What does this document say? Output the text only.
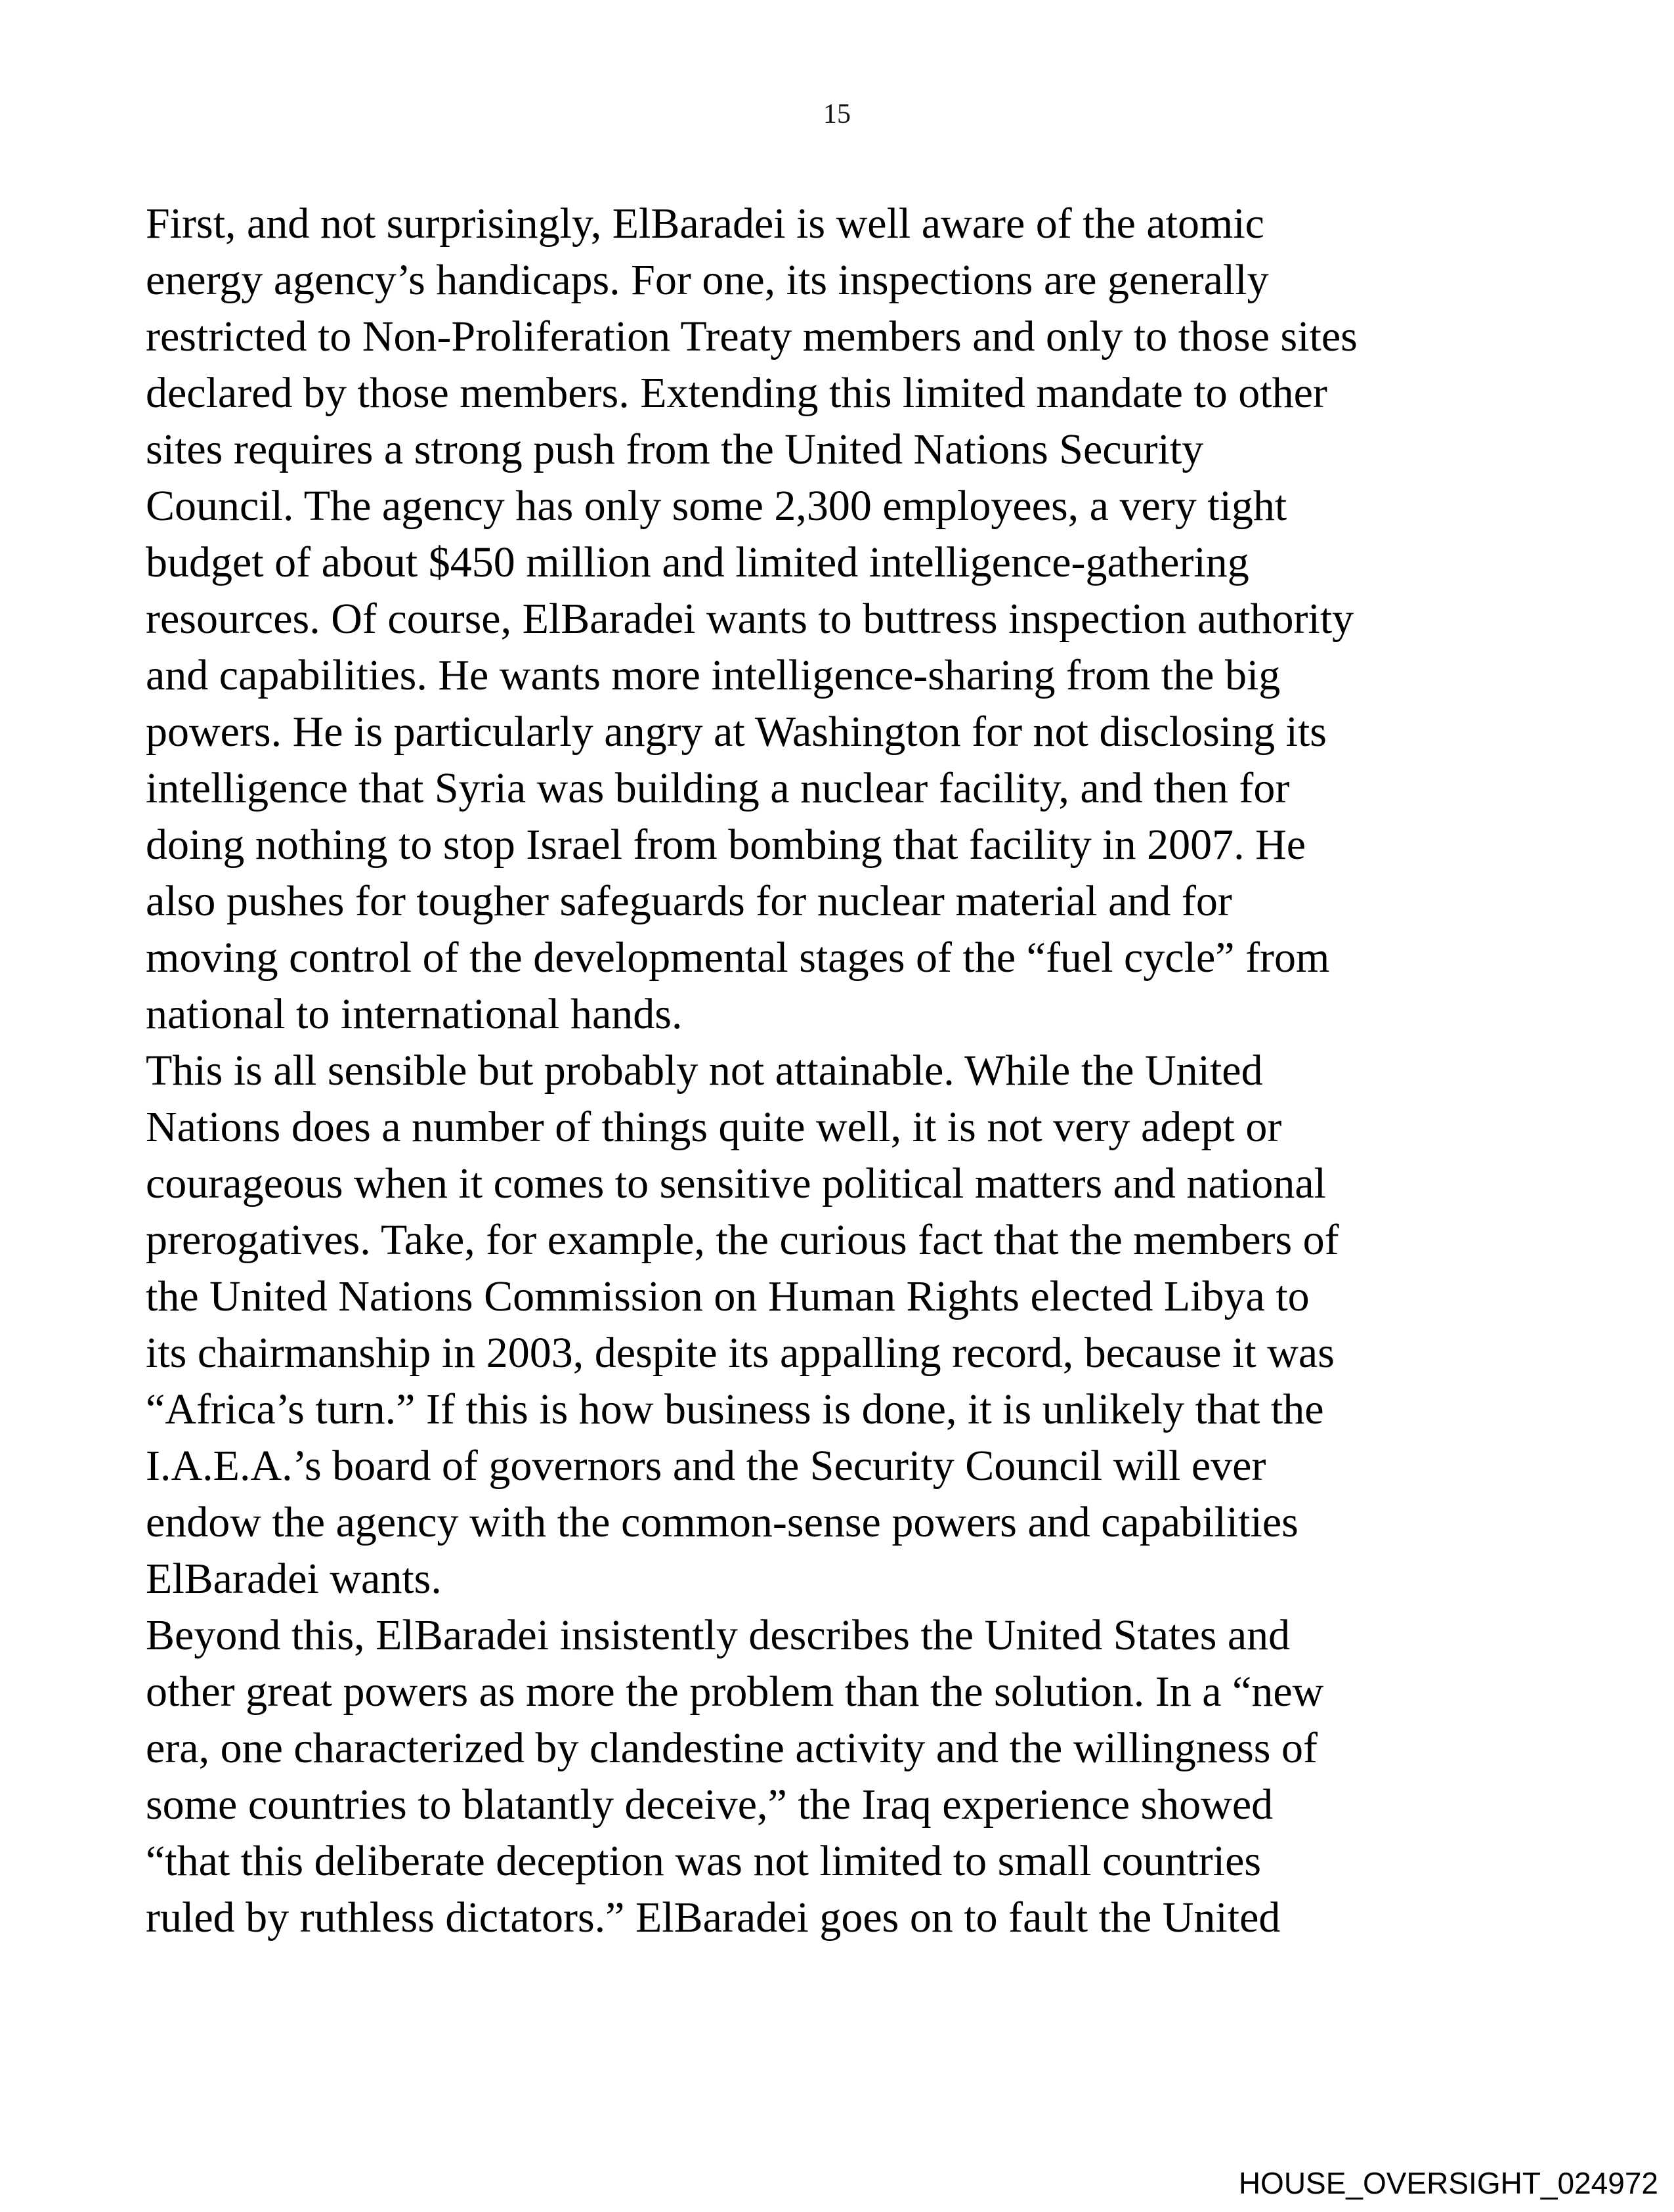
15
First, and not surprisingly, ElBaradei is well aware of the atomic
energy agency’s handicaps. For one, its inspections are generally
restricted to Non-Proliferation Treaty members and only to those sites
declared by those members. Extending this limited mandate to other
sites requires a strong push from the United Nations Security
Council. The agency has only some 2,300 employees, a very tight
budget of about $450 million and limited intelligence-gathering
resources. Of course, ElBaradei wants to buttress inspection authority
and capabilities. He wants more intelligence-sharing from the big
powers. He is particularly angry at Washington for not disclosing its
intelligence that Syria was building a nuclear facility, and then for
doing nothing to stop Israel from bombing that facility in 2007. He
also pushes for tougher safeguards for nuclear material and for
moving control of the developmental stages of the “fuel cycle” from
national to international hands.
This is all sensible but probably not attainable. While the United
Nations does a number of things quite well, it is not very adept or
courageous when it comes to sensitive political matters and national
prerogatives. Take, for example, the curious fact that the members of
the United Nations Commission on Human Rights elected Libya to
its chairmanship in 2003, despite its appalling record, because it was
“Africa’s turn.” If this is how business is done, it is unlikely that the
I.A.E.A.’s board of governors and the Security Council will ever
endow the agency with the common-sense powers and capabilities
ElBaradei wants.
Beyond this, ElBaradei insistently describes the United States and
other great powers as more the problem than the solution. In a “new
era, one characterized by clandestine activity and the willingness of
some countries to blatantly deceive,” the Iraq experience showed
“that this deliberate deception was not limited to small countries
ruled by ruthless dictators.” ElBaradei goes on to fault the United
HOUSE_OVERSIGHT_024972
